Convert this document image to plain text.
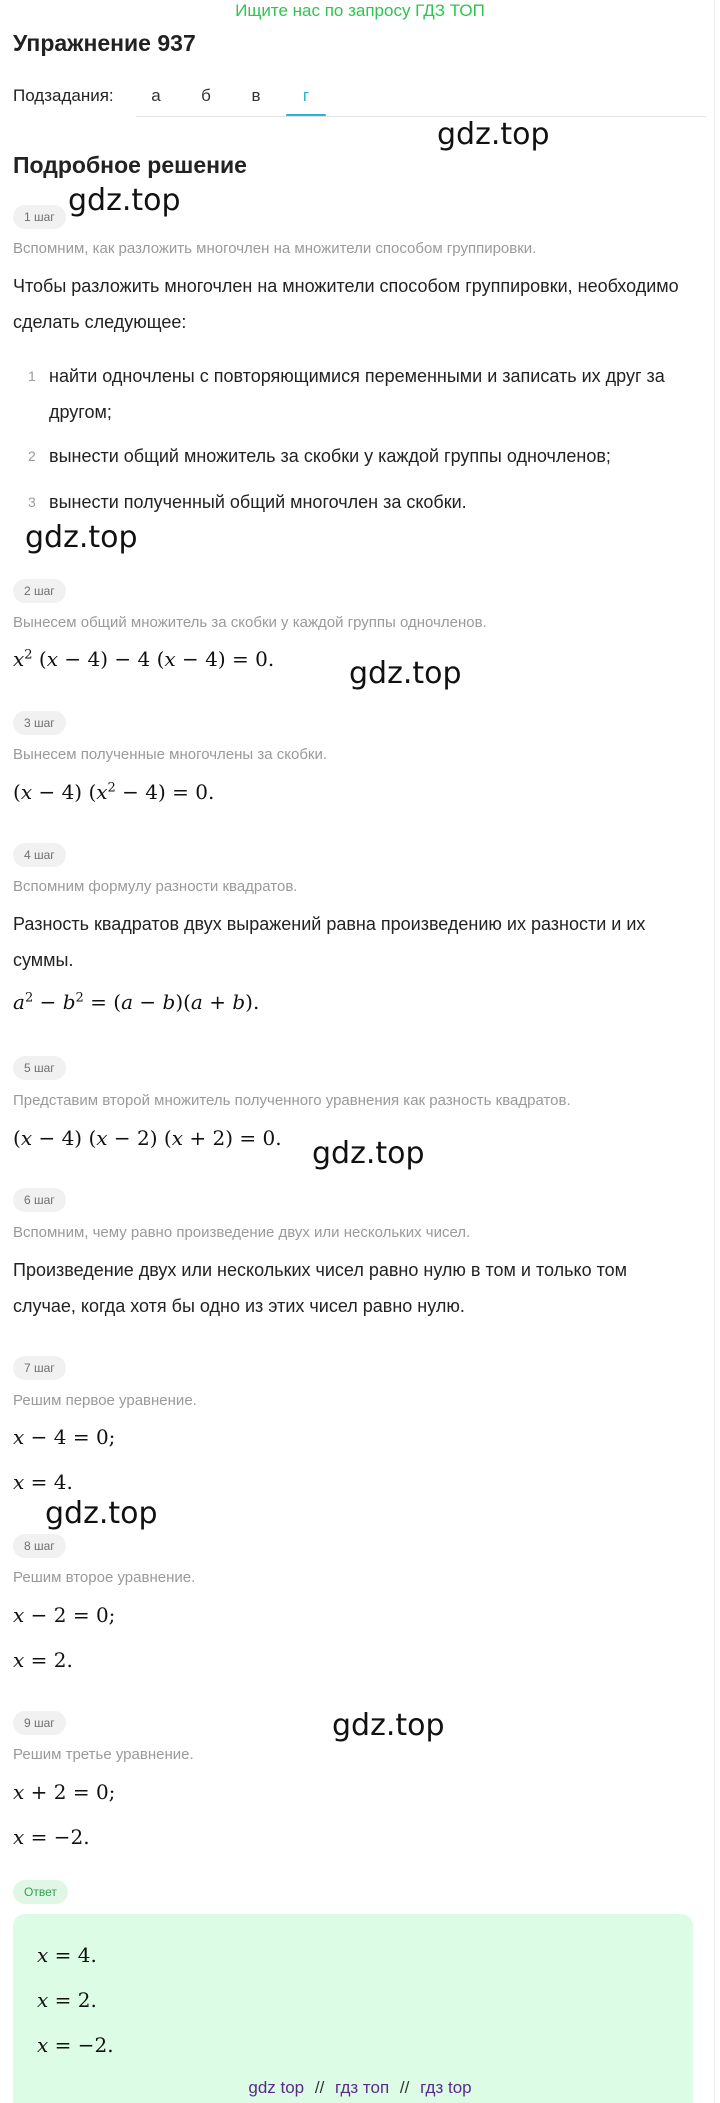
Ищите нас по запросу ГДЗ ТОП
Упражнение 937
Подзадания:	а	б	в	г
Подробное решение
gdz.top
gdz.top
gdz.top
gdz.top
gdz.top
gdz.top
gdz.top
1 шаг
Вспомним, как разложить многочлен на множители способом группировки.
Чтобы разложить многочлен на множители способом группировки, необходимо сделать следующее:
1 найти одночлены с повторяющимися переменными и записать их друг за другом;
2 вынести общий множитель за скобки у каждой группы одночленов;
3 вынести полученный общий многочлен за скобки.
2 шаг
Вынесем общий множитель за скобки у каждой группы одночленов.
$x^2$ (x − 4) − 4 (x − 4) = 0.
3 шаг
Вынесем полученные многочлены за скобки.
(x − 4) $(x^2 - 4) = 0$.
4 шаг
Вспомним формулу разности квадратов.
Разность квадратов двух выражений равна произведению их разности и их суммы.
$a^2 - b^2 = (a - b)(a + b)$.
5 шаг
Представим второй множитель полученного уравнения как разность квадратов.
(x − 4) (x − 2) (x + 2) = 0.
6 шаг
Вспомним, чему равно произведение двух или нескольких чисел.
Произведение двух или нескольких чисел равно нулю в том и только том случае, когда хотя бы одно из этих чисел равно нулю.
7 шаг
Решим первое уравнение.
x − 4 = 0;
x = 4.
8 шаг
Решим второе уравнение.
x − 2 = 0;
x = 2.
9 шаг
Решим третье уравнение.
x + 2 = 0;
x = −2.
Ответ
x = 4.
x = 2.
x = −2.
gdz top // гдз топ // гдз top
